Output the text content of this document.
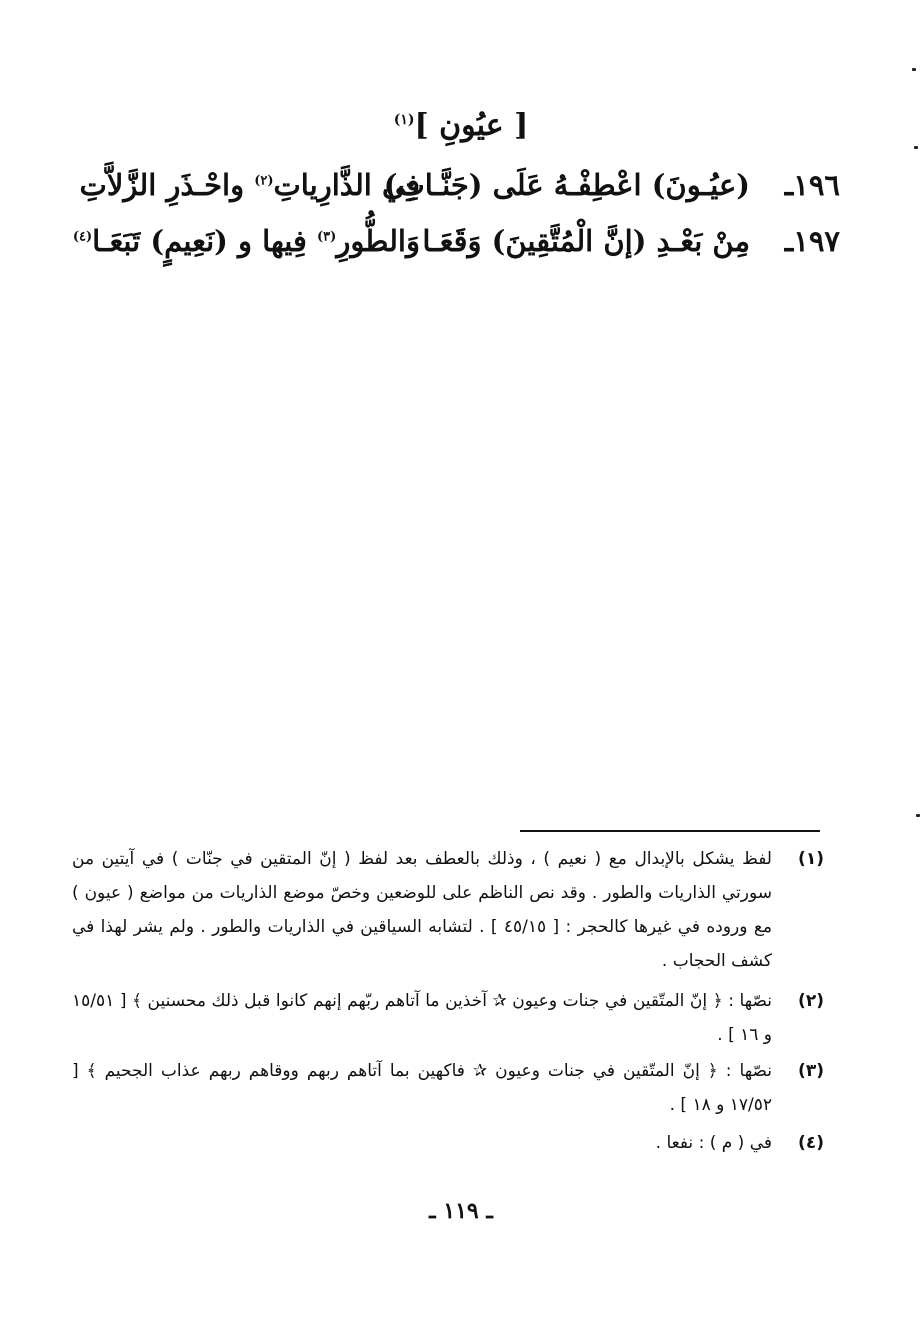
[ عيُونِ ]$^{(١)}$
١٩٦ـ
(عيُـونَ) اعْطِفْـهُ عَلَى (جَنَّـاتِ)
فِي الذَّارِياتِ$^{(٢)}$ واحْـذَرِ الزَّلاَّتِ
١٩٧ـ
مِنْ بَعْـدِ (إنَّ الْمُتَّقِينَ) وَقَعَـا
وَالطُّورِ$^{(٣)}$ فِيها و (نَعِيمٍ) تَبَعَـا$^{(٤)}$
(١)
لفظ يشكل بالإبدال مع ( نعيم ) ، وذلك بالعطف بعد لفظ ( إنّ المتقين في جنّات ) في آيتين من سورتي الذاريات والطور . وقد نص الناظم على للوضعين وخصّ موضع الذاريات من مواضع ( عيون ) مع وروده في غيرها كالحجر : [ ٤٥/١٥ ] . لتشابه السياقين في الذاريات والطور . ولم يشر لهذا في كشف الحجاب .
(٢)
نصّها : ﴿ إنّ المتّقين في جنات وعيون ✰ آخذين ما آتاهم ربّهم إنهم كانوا قبل ذلك محسنين ﴾ [ ١٥/٥١ و ١٦ ] .
(٣)
نصّها : ﴿ إنّ المتّقين في جنات وعيون ✰ فاكهين بما آتاهم ربهم ووقاهم ربهم عذاب الجحيم ﴾ [ ١٧/٥٢ و ١٨ ] .
(٤)
في ( م ) : نفعا .
ـ ١١٩ ـ
